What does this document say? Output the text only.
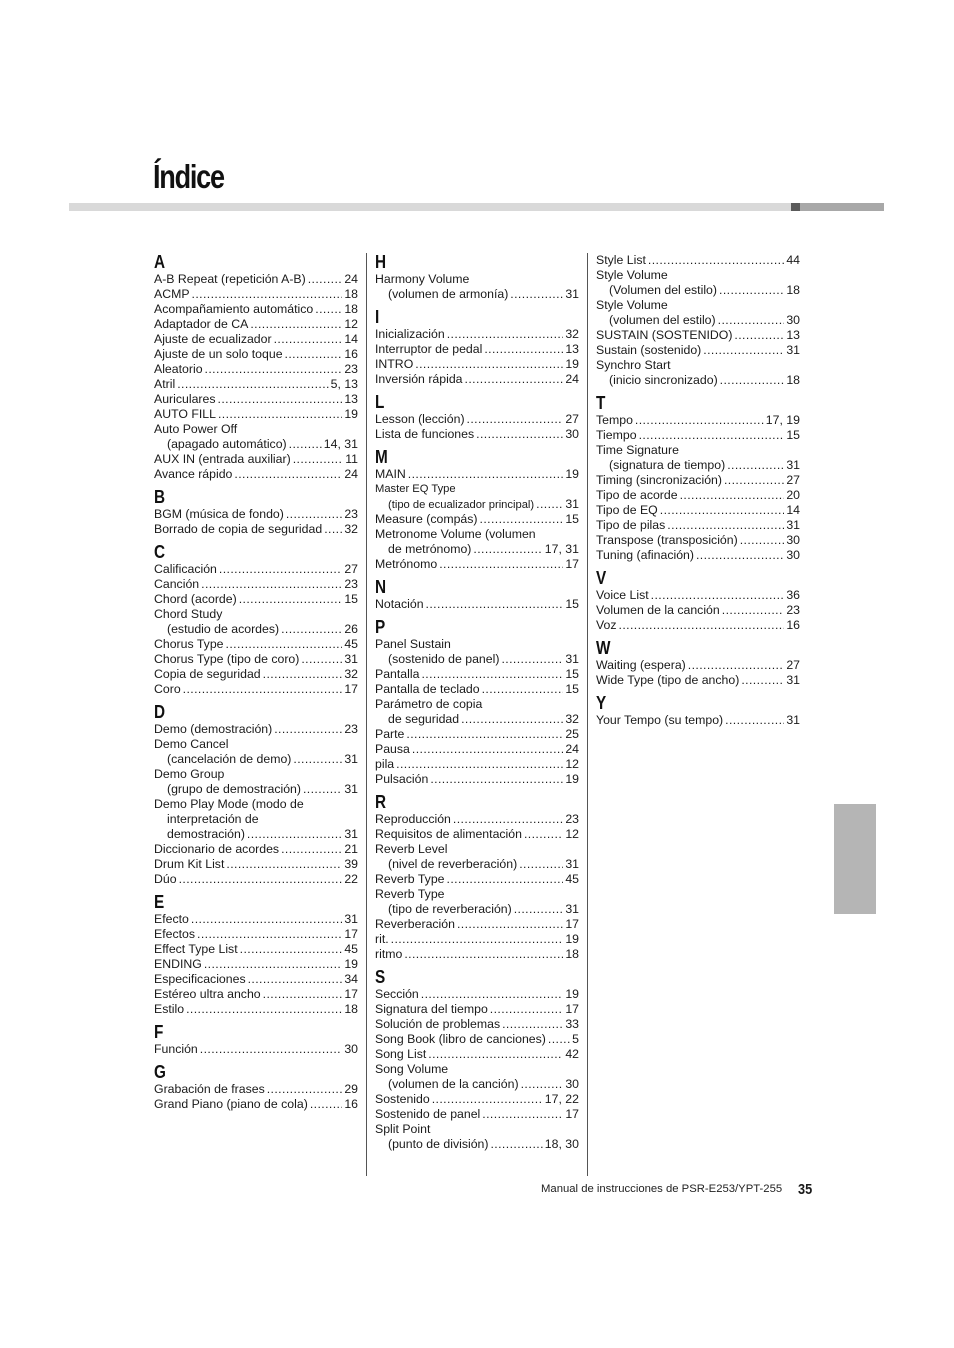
Índice
A
A-B Repeat (repetición A-B) .....	24
ACMP .....	18
Acompañamiento automático .....	18
Adaptador de CA .....	12
Ajuste de ecualizador .....	14
Ajuste de un solo toque .....	16
Aleatorio .....	23
Atril .....	5, 13
Auriculares .....	13
AUTO FILL .....	19
Auto Power Off
(apagado automático) .....	14, 31
AUX IN (entrada auxiliar) .....	11
Avance rápido .....	24
B
BGM (música de fondo) .....	23
Borrado de copia de seguridad ..... 32
C
Calificación .....	27
Canción .....	23
Chord (acorde) .....	15
Chord Study
(estudio de acordes) .....	26
Chorus Type .....	45
Chorus Type (tipo de coro) .....	31
Copia de seguridad .....	32
Coro .....	17
D
Demo (demostración) .....	23
Demo Cancel
(cancelación de demo) .....	31
Demo Group
(grupo de demostración) .....	31
Demo Play Mode (modo de
interpretación de
demostración) .....	31
Diccionario de acordes .....	21
Drum Kit List .....	39
Dúo .....	22
E
Efecto .....	31
Efectos .....	17
Effect Type List .....	45
ENDING .....	19
Especificaciones .....	34
Estéreo ultra ancho .....	17
Estilo .....	18
F
Función .....	30
G
Grabación de frases .....	29
Grand Piano (piano de cola) .....	16
H
Harmony Volume
(volumen de armonía) .....	31
I
Inicialización .....	32
Interruptor de pedal .....	13
INTRO .....	19
Inversión rápida .....	24
L
Lesson (lección) .....	27
Lista de funciones .....	30
M
MAIN .....	19
Master EQ Type
(tipo de ecualizador principal) .....	31
Measure (compás) .....	15
Metronome Volume (volumen
de metrónomo) .....	17, 31
Metrónomo .....	17
N
Notación .....	15
P
Panel Sustain
(sostenido de panel) .....	31
Pantalla .....	15
Pantalla de teclado .....	15
Parámetro de copia
de seguridad .....	32
Parte .....	25
Pausa .....	24
pila .....	12
Pulsación .....	19
R
Reproducción .....	23
Requisitos de alimentación .....	12
Reverb Level
(nivel de reverberación) .....	31
Reverb Type .....	45
Reverb Type
(tipo de reverberación) .....	31
Reverberación .....	17
rit. .....	19
ritmo .....	18
S
Sección .....	19
Signatura del tiempo .....	17
Solución de problemas .....	33
Song Book (libro de canciones) ..... 5
Song List .....	42
Song Volume
(volumen de la canción) .....	30
Sostenido .....	17, 22
Sostenido de panel .....	17
Split Point
(punto de división) .....	18, 30
Style List .....	44
Style Volume
(Volumen del estilo) .....	18
Style Volume
(volumen del estilo) .....	30
SUSTAIN (SOSTENIDO) .....	13
Sustain (sostenido) .....	31
Synchro Start
(inicio sincronizado) .....	18
T
Tempo .....	17, 19
Tiempo .....	15
Time Signature
(signatura de tiempo) .....	31
Timing (sincronización) .....	27
Tipo de acorde .....	20
Tipo de EQ .....	14
Tipo de pilas .....	31
Transpose (transposición) .....	30
Tuning (afinación) .....	30
V
Voice List .....	36
Volumen de la canción .....	23
Voz .....	16
W
Waiting (espera) .....	27
Wide Type (tipo de ancho) .....	31
Y
Your Tempo (su tempo) .....	31
Manual de instrucciones de PSR-E253/YPT-255 35
